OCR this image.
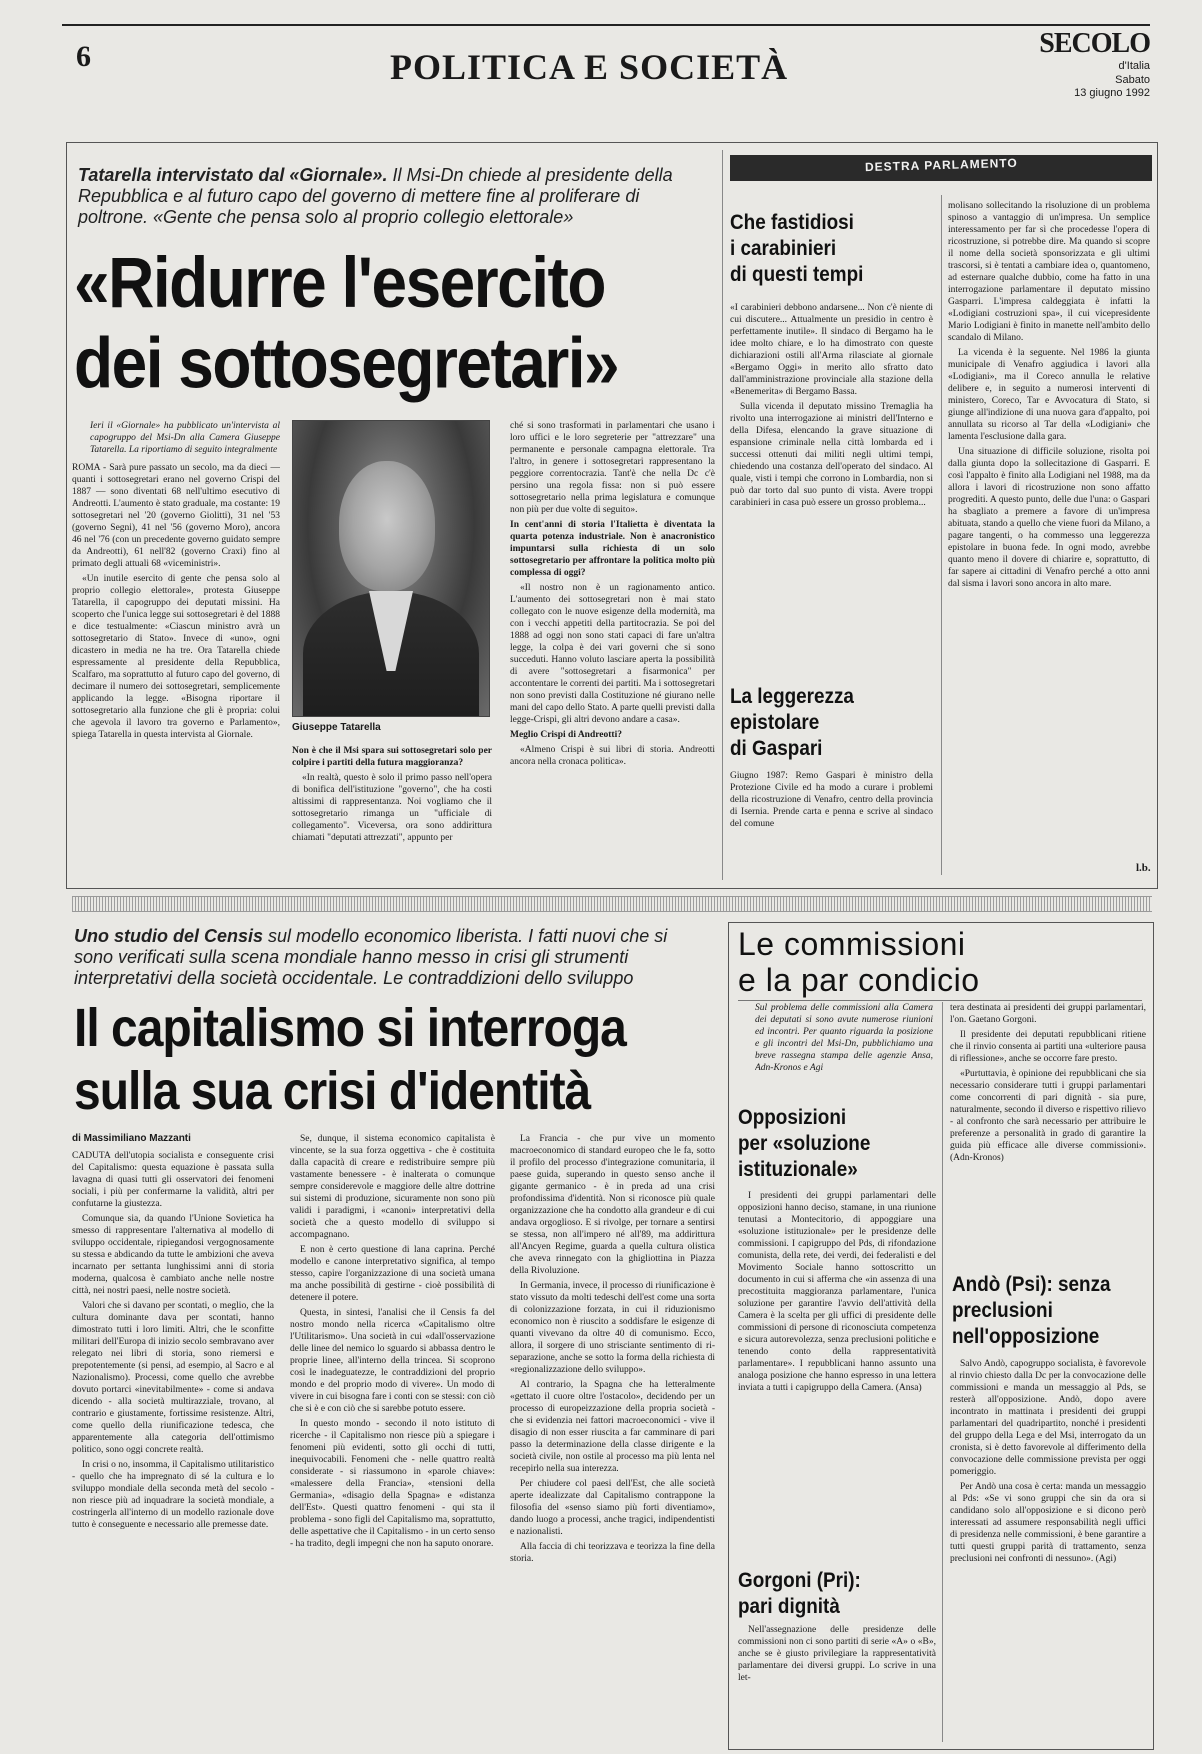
6	POLITICA E SOCIETÀ
SECOLO
d'Italia
Sabato
13 giugno 1992
Tatarella intervistato dal «Giornale». Il Msi-Dn chiede al presidente della Repubblica e al futuro capo del governo di mettere fine al proliferare di poltrone. «Gente che pensa solo al proprio collegio elettorale»
«Ridurre l'esercito
dei sottosegretari»

Ieri il «Giornale» ha pubblicato un'intervista al capogruppo del Msi-Dn alla Camera Giuseppe Tatarella. La riportiamo di seguito integralmente

ROMA - Sarà pure passato un secolo, ma da dieci — quanti i sottosegretari erano nel governo Crispi del 1887 — sono diventati 68 nell'ultimo esecutivo di Andreotti. L'aumento è stato graduale, ma costante: 19 sottosegretari nel '20 (governo Giolitti), 31 nel '53 (governo Segni), 41 nel '56 (governo Moro), ancora 46 nel '76 (con un precedente governo guidato sempre da Andreotti), 61 nell'82 (governo Craxi) fino al primato degli attuali 68 «viceministri».

«Un inutile esercito di gente che pensa solo al proprio collegio elettorale», protesta Giuseppe Tatarella, il capogruppo dei deputati missini. Ha scoperto che l'unica legge sui sottosegretari è del 1888 e dice testualmente: «Ciascun ministro avrà un sottosegretario di Stato». Invece di «uno», ogni dicastero in media ne ha tre. Ora Tatarella chiede espressamente al presidente della Repubblica, Scalfaro, ma soprattutto al futuro capo del governo, di decimare il numero dei sottosegretari, semplicemente applicando la legge. «Bisogna riportare il sottosegretario alla funzione che gli è propria: colui che agevola il lavoro tra governo e Parlamento», spiega Tatarella in questa intervista al Giornale.

Giuseppe Tatarella

Non è che il Msi spara sui sottosegretari solo per colpire i partiti della futura maggioranza?

«In realtà, questo è solo il primo passo nell'opera di bonifica dell'istituzione "governo", che ha costi altissimi di rappresentanza. Noi vogliamo che il sottosegretario rimanga un "ufficiale di collegamento". Viceversa, ora sono addirittura chiamati "deputati attrezzati", appunto per

ché si sono trasformati in parlamentari che usano i loro uffici e le loro segreterie per "attrezzare" una permanente e personale campagna elettorale. Tra l'altro, in genere i sottosegretari rappresentano la peggiore correntocrazia. Tant'è che nella Dc c'è persino una regola fissa: non si può essere sottosegretario nella prima legislatura e comunque non più per due volte di seguito».

In cent'anni di storia l'Italietta è diventata la quarta potenza industriale. Non è anacronistico impuntarsi sulla richiesta di un solo sottosegretario per affrontare la politica molto più complessa di oggi?

«Il nostro non è un ragionamento antico. L'aumento dei sottosegretari non è mai stato collegato con le nuove esigenze della modernità, ma con i vecchi appetiti della partitocrazia. Se poi del 1888 ad oggi non sono stati capaci di fare un'altra legge, la colpa è dei vari governi che si sono succeduti. Hanno voluto lasciare aperta la possibilità di avere "sottosegretari a fisarmonica" per accontentare le correnti dei partiti. Ma i sottosegretari non sono previsti dalla Costituzione né giurano nelle mani del capo dello Stato. A parte quelli previsti dalla legge-Crispi, gli altri devono andare a casa».

Meglio Crispi di Andreotti?

«Almeno Crispi è sui libri di storia. Andreotti ancora nella cronaca politica».

DESTRA PARLAMENTO
Che fastidiosi
i carabinieri
di questi tempi

«I carabinieri debbono andarsene... Non c'è niente di cui discutere... Attualmente un presidio in centro è perfettamente inutile». Il sindaco di Bergamo ha le idee molto chiare, e lo ha dimostrato con queste dichiarazioni ostili all'Arma rilasciate al giornale «Bergamo Oggi» in merito allo sfratto dato dall'amministrazione provinciale alla stazione della «Benemerita» di Bergamo Bassa.

Sulla vicenda il deputato missino Tremaglia ha rivolto una interrogazione ai ministri dell'Interno e della Difesa, elencando la grave situazione di espansione criminale nella città lombarda ed i successi ottenuti dai militi negli ultimi tempi, chiedendo una costanza dell'operato del sindaco. Al quale, visti i tempi che corrono in Lombardia, non si può dar torto dal suo punto di vista. Avere troppi carabinieri in casa può essere un grosso problema...

La leggerezza
epistolare
di Gaspari

Giugno 1987: Remo Gaspari è ministro della Protezione Civile ed ha modo a curare i problemi della ricostruzione di Venafro, centro della provincia di Isernia. Prende carta e penna e scrive al sindaco del comune

molisano sollecitando la risoluzione di un problema spinoso a vantaggio di un'impresa. Un semplice interessamento per far sì che procedesse l'opera di ricostruzione, si potrebbe dire. Ma quando si scopre il nome della società sponsorizzata e gli ultimi trascorsi, si è tentati a cambiare idea o, quantomeno, ad esternare qualche dubbio, come ha fatto in una interrogazione parlamentare il deputato missino Gasparri. L'impresa caldeggiata è infatti la «Lodigiani costruzioni spa», il cui vicepresidente Mario Lodigiani è finito in manette nell'ambito dello scandalo di Milano.

La vicenda è la seguente. Nel 1986 la giunta municipale di Venafro aggiudica i lavori alla «Lodigiani», ma il Coreco annulla le relative delibere e, in seguito a numerosi interventi di ministero, Coreco, Tar e Avvocatura di Stato, si giunge all'indizione di una nuova gara d'appalto, poi annullata su ricorso al Tar della «Lodigiani» che lamenta l'esclusione dalla gara.

Una situazione di difficile soluzione, risolta poi dalla giunta dopo la sollecitazione di Gasparri. E così l'appalto è finito alla Lodigiani nel 1988, ma da allora i lavori di ricostruzione non sono affatto progrediti. A questo punto, delle due l'una: o Gaspari ha sbagliato a premere a favore di un'impresa abituata, stando a quello che viene fuori da Milano, a pagare tangenti, o ha commesso una leggerezza epistolare in buona fede. In ogni modo, avrebbe quanto meno il dovere di chiarire e, soprattutto, di far sapere ai cittadini di Venafro perché a otto anni dal sisma i lavori sono ancora in alto mare.

l.b.
Uno studio del Censis sul modello economico liberista. I fatti nuovi che si sono verificati sulla scena mondiale hanno messo in crisi gli strumenti interpretativi della società occidentale. Le contraddizioni dello sviluppo
Il capitalismo si interroga
sulla sua crisi d'identità
di Massimiliano Mazzanti

CADUTA dell'utopia socialista e conseguente crisi del Capitalismo: questa equazione è passata sulla lavagna di quasi tutti gli osservatori dei fenomeni sociali, i più per confermarne la validità, altri per confutarne la giustezza.

Comunque sia, da quando l'Unione Sovietica ha smesso di rappresentare l'alternativa al modello di sviluppo occidentale, ripiegandosi vergognosamente su stessa e abdicando da tutte le ambizioni che aveva incarnato per settanta lunghissimi anni di storia moderna, qualcosa è cambiato anche nelle nostre città, nei nostri paesi, nelle nostre società.

Valori che si davano per scontati, o meglio, che la cultura dominante dava per scontati, hanno dimostrato tutti i loro limiti. Altri, che le sconfitte militari dell'Europa di inizio secolo sembravano aver relegato nei libri di storia, sono riemersi e prepotentemente (si pensi, ad esempio, al Sacro e al Nazionalismo). Processi, come quello che avrebbe dovuto portarci «inevitabilmente» - come si andava dicendo - alla società multirazziale, trovano, al contrario e giustamente, fortissime resistenze. Altri, come quello della riunificazione tedesca, che apparentemente alla categoria dell'ottimismo politico, sono oggi concrete realtà.

In crisi o no, insomma, il Capitalismo utilitaristico - quello che ha impregnato di sé la cultura e lo sviluppo mondiale della seconda metà del secolo - non riesce più ad inquadrare la società mondiale, a costringerla all'interno di un modello razionale dove tutto è conseguente e necessario alle premesse date.

Se, dunque, il sistema economico capitalista è vincente, se la sua forza oggettiva - che è costituita dalla capacità di creare e redistribuire sempre più vastamente benessere - è inalterata o comunque sempre considerevole e maggiore delle altre dottrine sui sistemi di produzione, sicuramente non sono più validi i paradigmi, i «canoni» interpretativi della società che a questo modello di sviluppo si accompagnano.

E non è certo questione di lana caprina. Perché modello e canone interpretativo significa, al tempo stesso, capire l'organizzazione di una società umana ma anche possibilità di gestirne - cioè possibilità di detenere il potere.

Questa, in sintesi, l'analisi che il Censis fa del nostro mondo nella ricerca «Capitalismo oltre l'Utilitarismo». Una società in cui «dall'osservazione delle linee del nemico lo sguardo si abbassa dentro le proprie linee, all'interno della trincea. Si scoprono così le inadeguatezze, le contraddizioni del proprio mondo e del proprio modo di vivere». Un modo di vivere in cui bisogna fare i conti con se stessi: con ciò che si è e con ciò che si sarebbe potuto essere.

In questo mondo - secondo il noto istituto di ricerche - il Capitalismo non riesce più a spiegare i fenomeni più evidenti, sotto gli occhi di tutti, inequivocabili. Fenomeni che - nelle quattro realtà considerate - si riassumono in «parole chiave»: «malessere della Francia», «tensioni della Germania», «disagio della Spagna» e «distanza dell'Est». Questi quattro fenomeni - qui sta il problema - sono figli del Capitalismo ma, soprattutto, delle aspettative che il Capitalismo - in un certo senso - ha tradito, degli impegni che non ha saputo onorare.

La Francia - che pur vive un momento macroeconomico di standard europeo che le fa, sotto il profilo del processo d'integrazione comunitaria, il paese guida, superando in questo senso anche il gigante germanico - è in preda ad una crisi profondissima d'identità. Non si riconosce più quale organizzazione che ha condotto alla grandeur e di cui andava orgoglioso. E si rivolge, per tornare a sentirsi se stessa, non all'impero né all'89, ma addirittura all'Ancyen Regime, guarda a quella cultura olistica che aveva rinnegato con la ghigliottina in Piazza della Rivoluzione.

In Germania, invece, il processo di riunificazione è stato vissuto da molti tedeschi dell'est come una sorta di colonizzazione forzata, in cui il riduzionismo economico non è riuscito a soddisfare le esigenze di quanti vivevano da oltre 40 di comunismo. Ecco, allora, il sorgere di uno strisciante sentimento di ri-separazione, anche se sotto la forma della richiesta di «regionalizzazione dello sviluppo».

Al contrario, la Spagna che ha letteralmente «gettato il cuore oltre l'ostacolo», decidendo per un processo di europeizzazione della propria società - che si evidenzia nei fattori macroeconomici - vive il disagio di non esser riuscita a far camminare di pari passo la determinazione della classe dirigente e la società civile, non ostile al processo ma più lenta nel recepirlo nella sua interezza.

Per chiudere col paesi dell'Est, che alle società aperte idealizzate dal Capitalismo contrappone la filosofia del «senso siamo più forti diventiamo», dando luogo a processi, anche tragici, indipendentisti e nazionalisti.

Alla faccia di chi teorizzava e teorizza la fine della storia.

Le commissioni
e la par condicio

Sul problema delle commissioni alla Camera dei deputati si sono avute numerose riunioni ed incontri. Per quanto riguarda la posizione e gli incontri del Msi-Dn, pubblichiamo una breve rassegna stampa delle agenzie Ansa, Adn-Kronos e Agi

Opposizioni
per «soluzione
istituzionale»

I presidenti dei gruppi parlamentari delle opposizioni hanno deciso, stamane, in una riunione tenutasi a Montecitorio, di appoggiare una «soluzione istituzionale» per le presidenze delle commissioni. I capigruppo del Pds, di rifondazione comunista, della rete, dei verdi, dei federalisti e del Movimento Sociale hanno sottoscritto un documento in cui si afferma che «in assenza di una precostituita maggioranza parlamentare, l'unica soluzione per garantire l'avvio dell'attività della Camera è la scelta per gli uffici di presidente delle commissioni di persone di riconosciuta competenza e sicura autorevolezza, senza preclusioni politiche e tenendo conto della rappresentatività parlamentare». I repubblicani hanno assunto una analoga posizione che hanno espresso in una lettera inviata a tutti i capigruppo della Camera. (Ansa)

Gorgoni (Pri):
pari dignità

Nell'assegnazione delle presidenze delle commissioni non ci sono partiti di serie «A» o «B», anche se è giusto privilegiare la rappresentatività parlamentare dei diversi gruppi. Lo scrive in una let-

tera destinata ai presidenti dei gruppi parlamentari, l'on. Gaetano Gorgoni.

Il presidente dei deputati repubblicani ritiene che il rinvio consenta ai partiti una «ulteriore pausa di riflessione», anche se occorre fare presto.

«Purtuttavia, è opinione dei repubblicani che sia necessario considerare tutti i gruppi parlamentari come concorrenti di pari dignità - sia pure, naturalmente, secondo il diverso e rispettivo rilievo - al confronto che sarà necessario per attribuire le preferenze a personalità in grado di garantire la guida più efficace alle diverse commissioni». (Adn-Kronos)

Andò (Psi): senza
preclusioni
nell'opposizione

Salvo Andò, capogruppo socialista, è favorevole al rinvio chiesto dalla Dc per la convocazione delle commissioni e manda un messaggio al Pds, se resterà all'opposizione. Andò, dopo avere incontrato in mattinata i presidenti dei gruppi parlamentari del quadripartito, nonché i presidenti del gruppo della Lega e del Msi, interrogato da un cronista, si è detto favorevole al differimento della convocazione delle commissione prevista per oggi pomeriggio.

Per Andò una cosa è certa: manda un messaggio al Pds: «Se vi sono gruppi che sin da ora si candidano solo all'opposizione e si dicono però interessati ad assumere responsabilità negli uffici di presidenza nelle commissioni, è bene garantire a tutti questi gruppi parità di trattamento, senza preclusioni nei confronti di nessuno». (Agi)
